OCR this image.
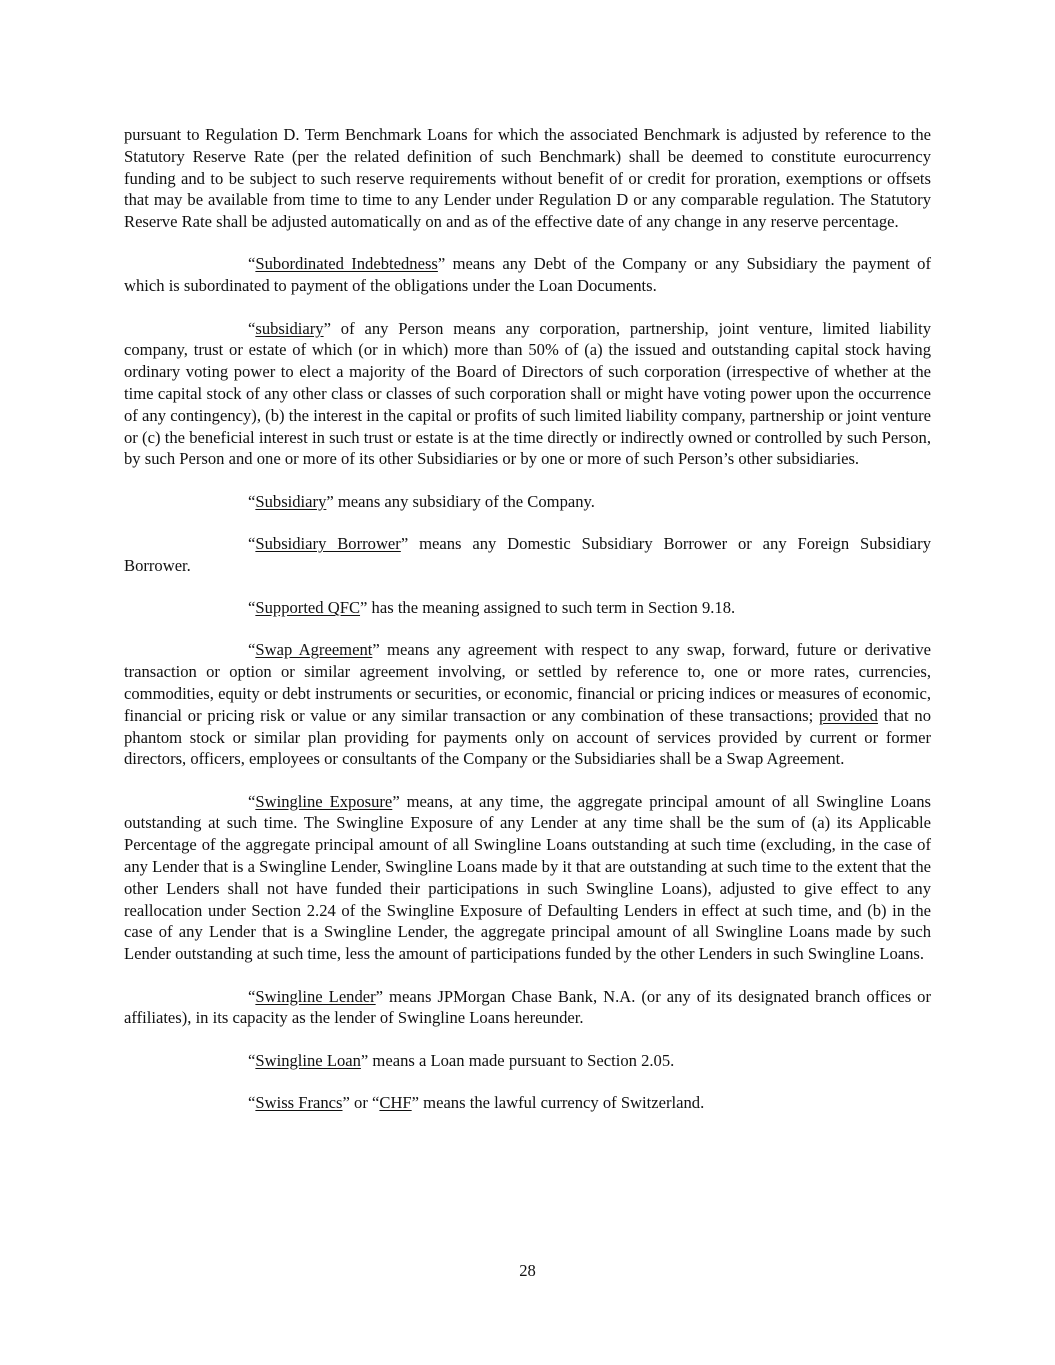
pursuant to Regulation D. Term Benchmark Loans for which the associated Benchmark is adjusted by reference to the Statutory Reserve Rate (per the related definition of such Benchmark) shall be deemed to constitute eurocurrency funding and to be subject to such reserve requirements without benefit of or credit for proration, exemptions or offsets that may be available from time to time to any Lender under Regulation D or any comparable regulation. The Statutory Reserve Rate shall be adjusted automatically on and as of the effective date of any change in any reserve percentage.

“Subordinated Indebtedness” means any Debt of the Company or any Subsidiary the payment of which is subordinated to payment of the obligations under the Loan Documents.

“subsidiary” of any Person means any corporation, partnership, joint venture, limited liability company, trust or estate of which (or in which) more than 50% of (a) the issued and outstanding capital stock having ordinary voting power to elect a majority of the Board of Directors of such corporation (irrespective of whether at the time capital stock of any other class or classes of such corporation shall or might have voting power upon the occurrence of any contingency), (b) the interest in the capital or profits of such limited liability company, partnership or joint venture or (c) the beneficial interest in such trust or estate is at the time directly or indirectly owned or controlled by such Person, by such Person and one or more of its other Subsidiaries or by one or more of such Person’s other subsidiaries.

“Subsidiary” means any subsidiary of the Company.

“Subsidiary Borrower” means any Domestic Subsidiary Borrower or any Foreign Subsidiary Borrower.

“Supported QFC” has the meaning assigned to such term in Section 9.18.

“Swap Agreement” means any agreement with respect to any swap, forward, future or derivative transaction or option or similar agreement involving, or settled by reference to, one or more rates, currencies, commodities, equity or debt instruments or securities, or economic, financial or pricing indices or measures of economic, financial or pricing risk or value or any similar transaction or any combination of these transactions; provided that no phantom stock or similar plan providing for payments only on account of services provided by current or former directors, officers, employees or consultants of the Company or the Subsidiaries shall be a Swap Agreement.

“Swingline Exposure” means, at any time, the aggregate principal amount of all Swingline Loans outstanding at such time. The Swingline Exposure of any Lender at any time shall be the sum of (a) its Applicable Percentage of the aggregate principal amount of all Swingline Loans outstanding at such time (excluding, in the case of any Lender that is a Swingline Lender, Swingline Loans made by it that are outstanding at such time to the extent that the other Lenders shall not have funded their participations in such Swingline Loans), adjusted to give effect to any reallocation under Section 2.24 of the Swingline Exposure of Defaulting Lenders in effect at such time, and (b) in the case of any Lender that is a Swingline Lender, the aggregate principal amount of all Swingline Loans made by such Lender outstanding at such time, less the amount of participations funded by the other Lenders in such Swingline Loans.

“Swingline Lender” means JPMorgan Chase Bank, N.A. (or any of its designated branch offices or affiliates), in its capacity as the lender of Swingline Loans hereunder.

“Swingline Loan” means a Loan made pursuant to Section 2.05.

“Swiss Francs” or “CHF” means the lawful currency of Switzerland.

28
